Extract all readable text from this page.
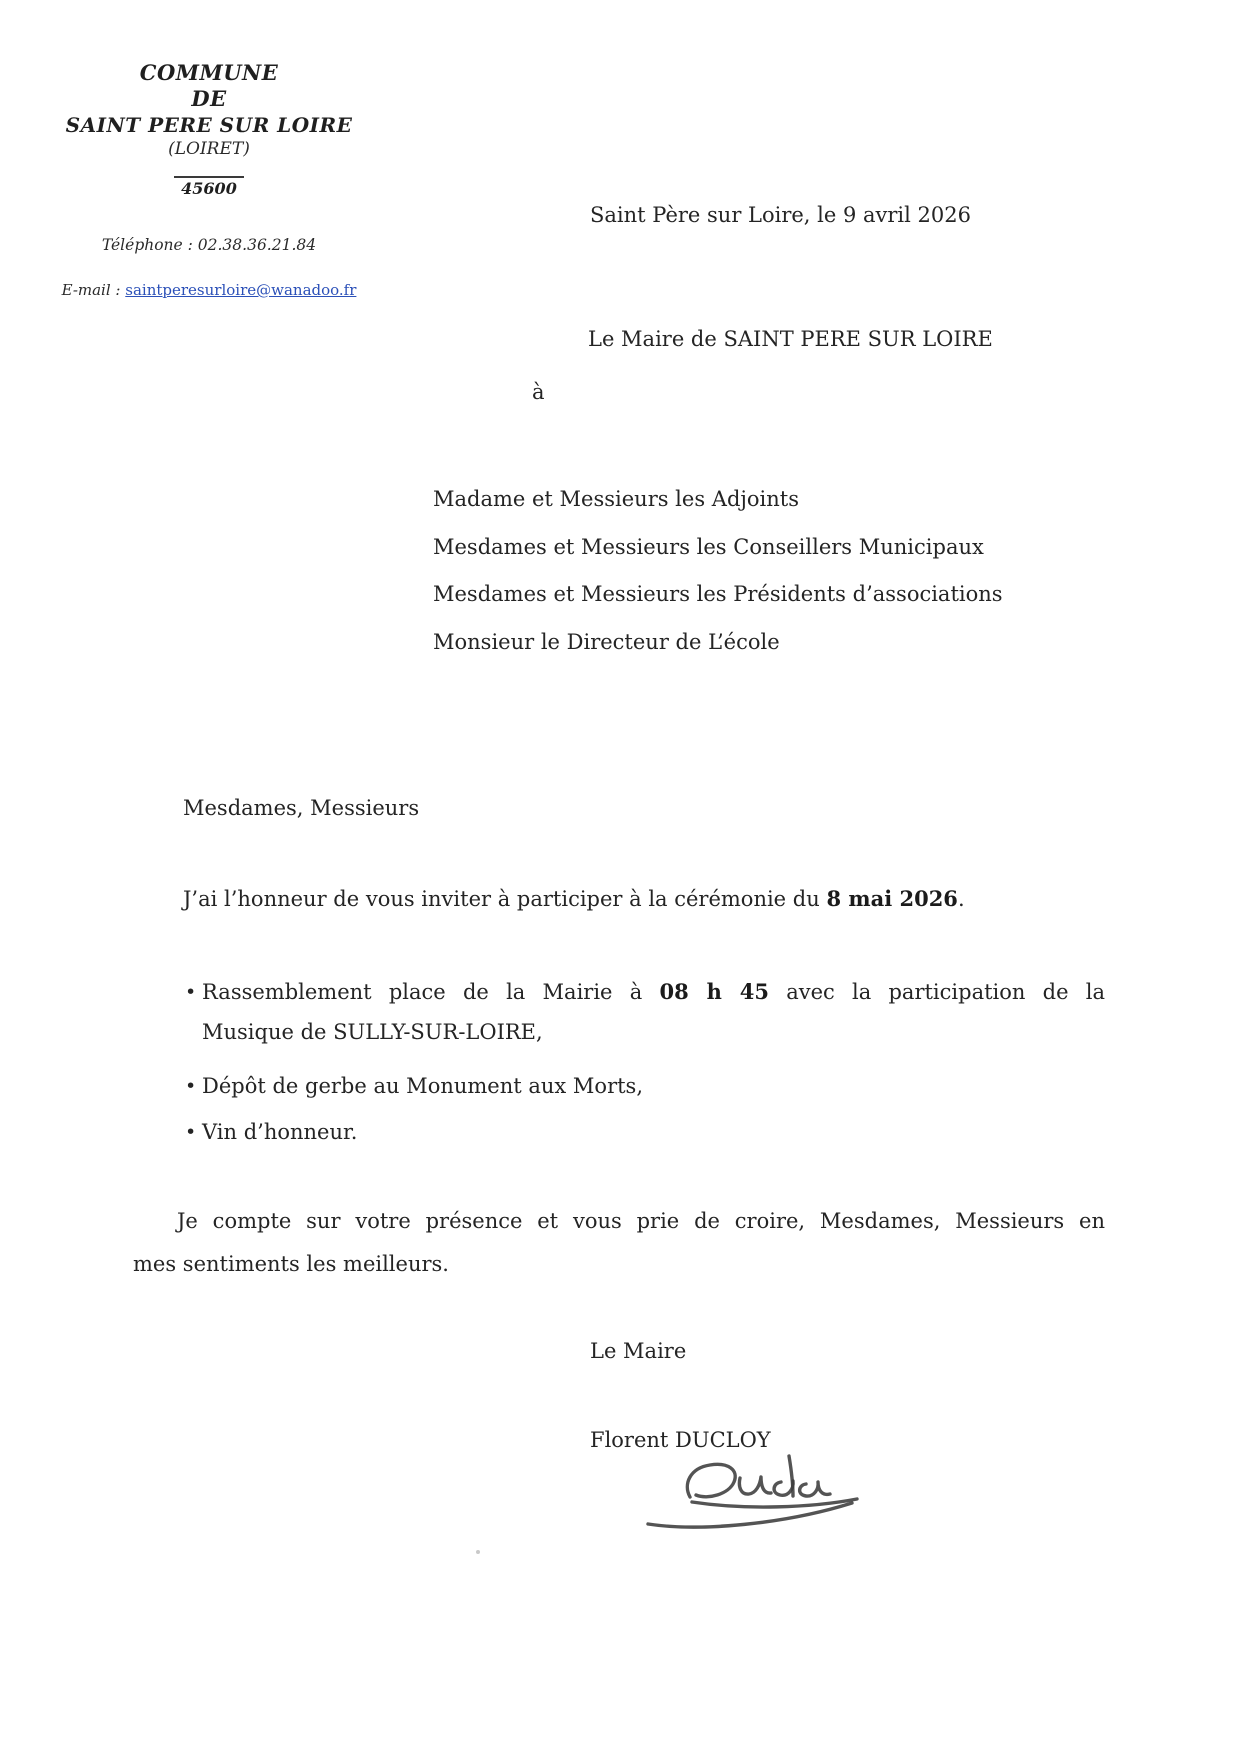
COMMUNE
DE
SAINT PERE SUR LOIRE
(LOIRET)
45600
Téléphone : 02.38.36.21.84
E-mail : saintperesurloire@wanadoo.fr
Saint Père sur Loire, le 9 avril 2026
Le Maire de SAINT PERE SUR LOIRE
à
Madame et Messieurs les Adjoints
Mesdames et Messieurs les Conseillers Municipaux
Mesdames et Messieurs les Présidents d’associations
Monsieur le Directeur de L’école
Mesdames, Messieurs
J’ai l’honneur de vous inviter à participer à la cérémonie du 8 mai 2026.
• Rassemblement place de la Mairie à 08 h 45 avec la participation de la
Musique de SULLY-SUR-LOIRE,
• Dépôt de gerbe au Monument aux Morts,
• Vin d’honneur.
Je compte sur votre présence et vous prie de croire, Mesdames, Messieurs en
mes sentiments les meilleurs.
Le Maire
Florent DUCLOY
